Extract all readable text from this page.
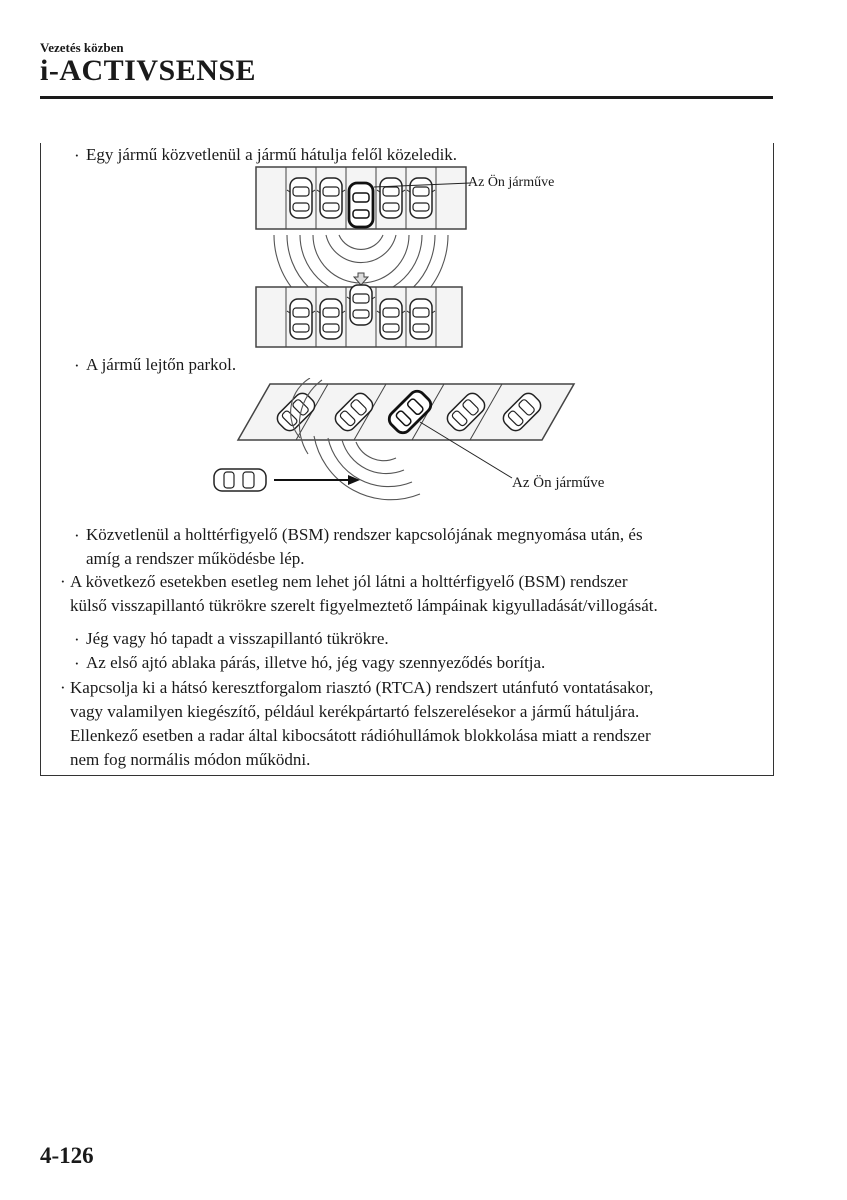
Vezetés közben
i-ACTIVSENSE
· Egy jármű közvetlenül a jármű hátulja felől közeledik.
Az Ön járműve
· A jármű lejtőn parkol.
Az Ön járműve
· Közvetlenül a holttérfigyelő (BSM) rendszer kapcsolójának megnyomása után, és
amíg a rendszer működésbe lép.
· A következő esetekben esetleg nem lehet jól látni a holttérfigyelő (BSM) rendszer
külső visszapillantó tükrökre szerelt figyelmeztető lámpáinak kigyulladását/villogását.
· Jég vagy hó tapadt a visszapillantó tükrökre.
· Az első ajtó ablaka párás, illetve hó, jég vagy szennyeződés borítja.
· Kapcsolja ki a hátsó keresztforgalom riasztó (RTCA) rendszert utánfutó vontatásakor,
vagy valamilyen kiegészítő, például kerékpártartó felszerelésekor a jármű hátuljára.
Ellenkező esetben a radar által kibocsátott rádióhullámok blokkolása miatt a rendszer
nem fog normális módon működni.
4-126
